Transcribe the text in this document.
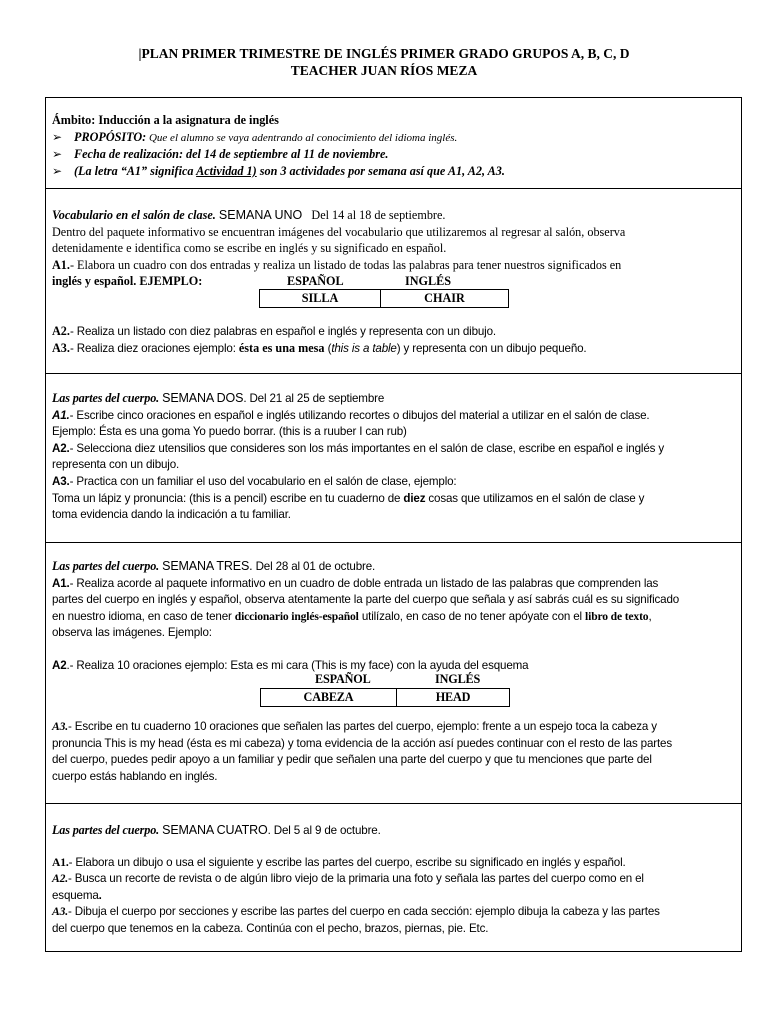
|PLAN PRIMER TRIMESTRE DE INGLÉS PRIMER GRADO GRUPOS A, B, C, D
TEACHER JUAN RÍOS MEZA

Ámbito: Inducción a la asignatura de inglés

➢ PROPÓSITO: Que el alumno se vaya adentrando al conocimiento del idioma inglés.

➢ Fecha de realización: del 14 de septiembre al 11 de noviembre.

➢ (La letra “A1” significa Actividad 1) son 3 actividades por semana así que A1, A2, A3.

Vocabulario en el salón de clase. SEMANA UNO Del 14 al 18 de septiembre.

Dentro del paquete informativo se encuentran imágenes del vocabulario que utilizaremos al regresar al salón, observa

detenidamente e identifica como se escribe en inglés y su significado en español.

A1.- Elabora un cuadro con dos entradas y realiza un listado de todas las palabras para tener nuestros significados en

inglés y español. EJEMPLO:	ESPAÑOL	INGLÉS
SILLA	CHAIR

A2.- Realiza un listado con diez palabras en español e inglés y representa con un dibujo.

A3.- Realiza diez oraciones ejemplo: ésta es una mesa (this is a table) y representa con un dibujo pequeño.

Las partes del cuerpo. SEMANA DOS. Del 21 al 25 de septiembre

A1.- Escribe cinco oraciones en español e inglés utilizando recortes o dibujos del material a utilizar en el salón de clase.

Ejemplo: Ésta es una goma Yo puedo borrar. (this is a ruuber I can rub)

A2.- Selecciona diez utensilios que consideres son los más importantes en el salón de clase, escribe en español e inglés y

representa con un dibujo.

A3.- Practica con un familiar el uso del vocabulario en el salón de clase, ejemplo:

Toma un lápiz y pronuncia: (this is a pencil) escribe en tu cuaderno de diez cosas que utilizamos en el salón de clase y

toma evidencia dando la indicación a tu familiar.

Las partes del cuerpo. SEMANA TRES. Del 28 al 01 de octubre.

A1.- Realiza acorde al paquete informativo en un cuadro de doble entrada un listado de las palabras que comprenden las

partes del cuerpo en inglés y español, observa atentamente la parte del cuerpo que señala y así sabrás cuál es su significado

en nuestro idioma, en caso de tener diccionario inglés-español utilízalo, en caso de no tener apóyate con el libro de texto,

observa las imágenes. Ejemplo:

A2.- Realiza 10 oraciones ejemplo: Esta es mi cara (This is my face) con la ayuda del esquema

ESPAÑOL	INGLÉS
CABEZA	HEAD

A3.- Escribe en tu cuaderno 10 oraciones que señalen las partes del cuerpo, ejemplo: frente a un espejo toca la cabeza y

pronuncia This is my head (ésta es mi cabeza) y toma evidencia de la acción así puedes continuar con el resto de las partes

del cuerpo, puedes pedir apoyo a un familiar y pedir que señalen una parte del cuerpo y que tu menciones que parte del

cuerpo estás hablando en inglés.

Las partes del cuerpo. SEMANA CUATRO. Del 5 al 9 de octubre.

A1.- Elabora un dibujo o usa el siguiente y escribe las partes del cuerpo, escribe su significado en inglés y español.

A2.- Busca un recorte de revista o de algún libro viejo de la primaria una foto y señala las partes del cuerpo como en el

esquema.

A3.- Dibuja el cuerpo por secciones y escribe las partes del cuerpo en cada sección: ejemplo dibuja la cabeza y las partes

del cuerpo que tenemos en la cabeza. Continúa con el pecho, brazos, piernas, pie. Etc.
